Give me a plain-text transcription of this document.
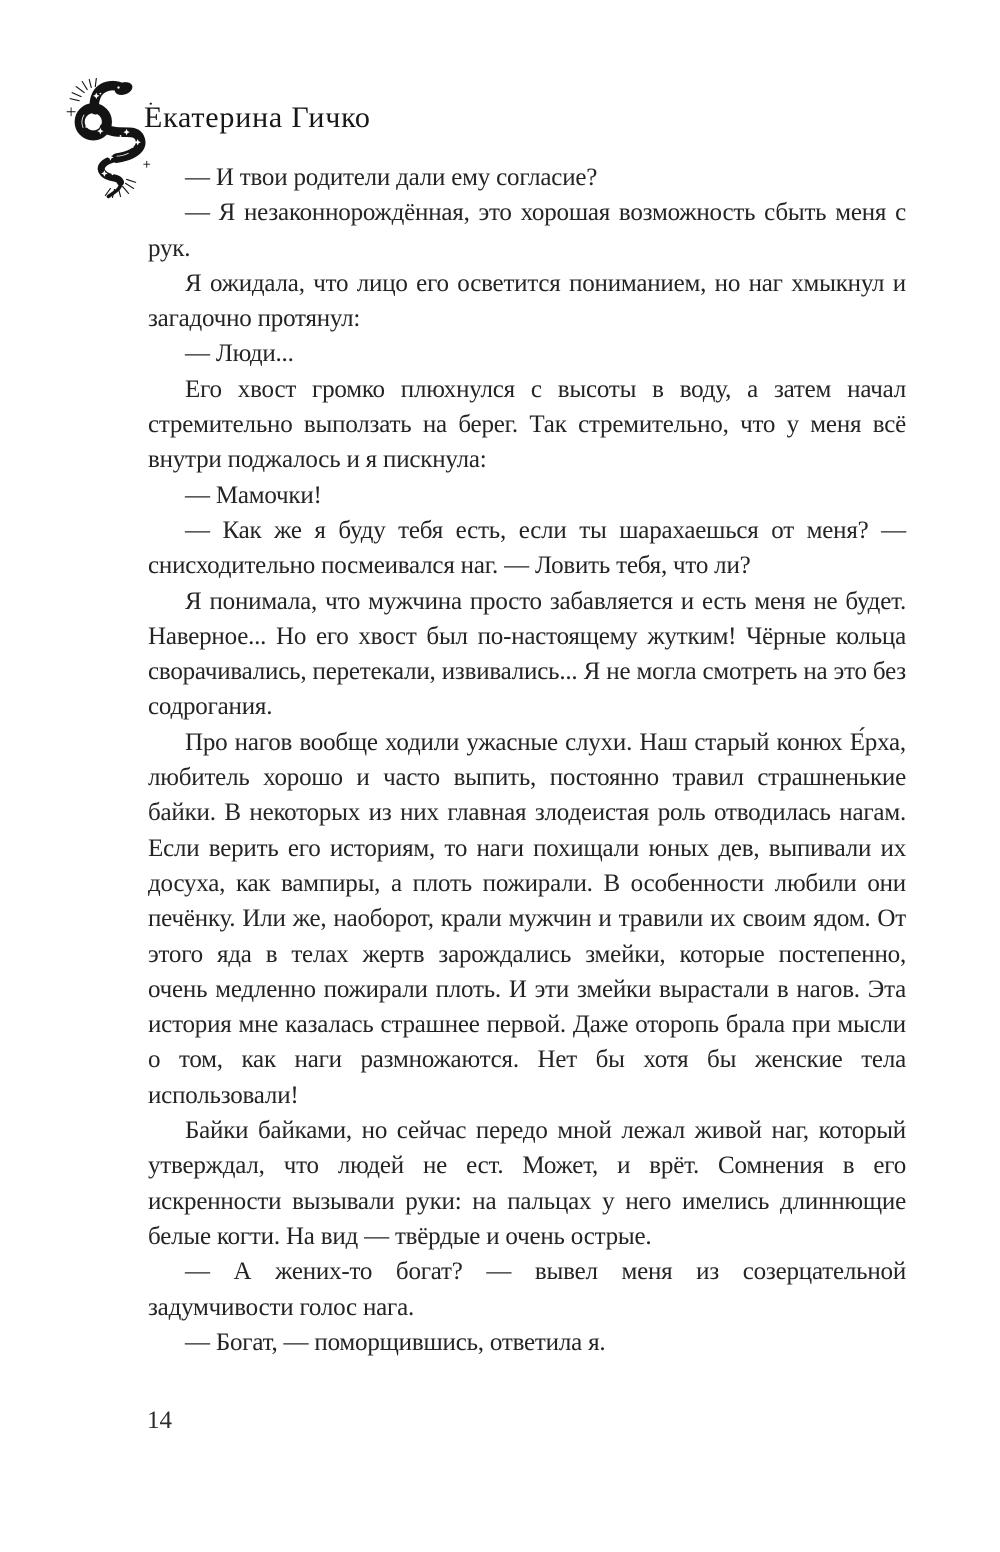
Екатерина Гичко

— И твои родители дали ему согласие?

— Я незаконнорождённая, это хорошая возможность сбыть меня с рук.

Я ожидала, что лицо его осветится пониманием, но наг хмыкнул и загадочно протянул:

— Люди...

Его хвост громко плюхнулся с высоты в воду, а затем начал стремительно выползать на берег. Так стремительно, что у меня всё внутри поджалось и я пискнула:

— Мамочки!

— Как же я буду тебя есть, если ты шарахаешься от меня? — снисходительно посмеивался наг. — Ловить тебя, что ли?

Я понимала, что мужчина просто забавляется и есть меня не будет. Наверное... Но его хвост был по-настоящему жутким! Чёрные кольца сворачивались, перетекали, извивались... Я не могла смотреть на это без содрогания.

Про нагов вообще ходили ужасные слухи. Наш старый конюх Е́рха, любитель хорошо и часто выпить, постоянно травил страшненькие байки. В некоторых из них главная злодеистая роль отводилась нагам. Если верить его историям, то наги похищали юных дев, выпивали их досуха, как вампиры, а плоть пожирали. В особенности любили они печёнку. Или же, наоборот, крали мужчин и травили их своим ядом. От этого яда в телах жертв зарождались змейки, которые постепенно, очень медленно пожирали плоть. И эти змейки вырастали в нагов. Эта история мне казалась страшнее первой. Даже оторопь брала при мысли о том, как наги размножаются. Нет бы хотя бы женские тела использовали!

Байки байками, но сейчас передо мной лежал живой наг, который утверждал, что людей не ест. Может, и врёт. Сомнения в его искренности вызывали руки: на пальцах у него имелись длиннющие белые когти. На вид — твёрдые и очень острые.

— А жених-то богат? — вывел меня из созерцательной задумчивости голос нага.

— Богат, — поморщившись, ответила я.

14
